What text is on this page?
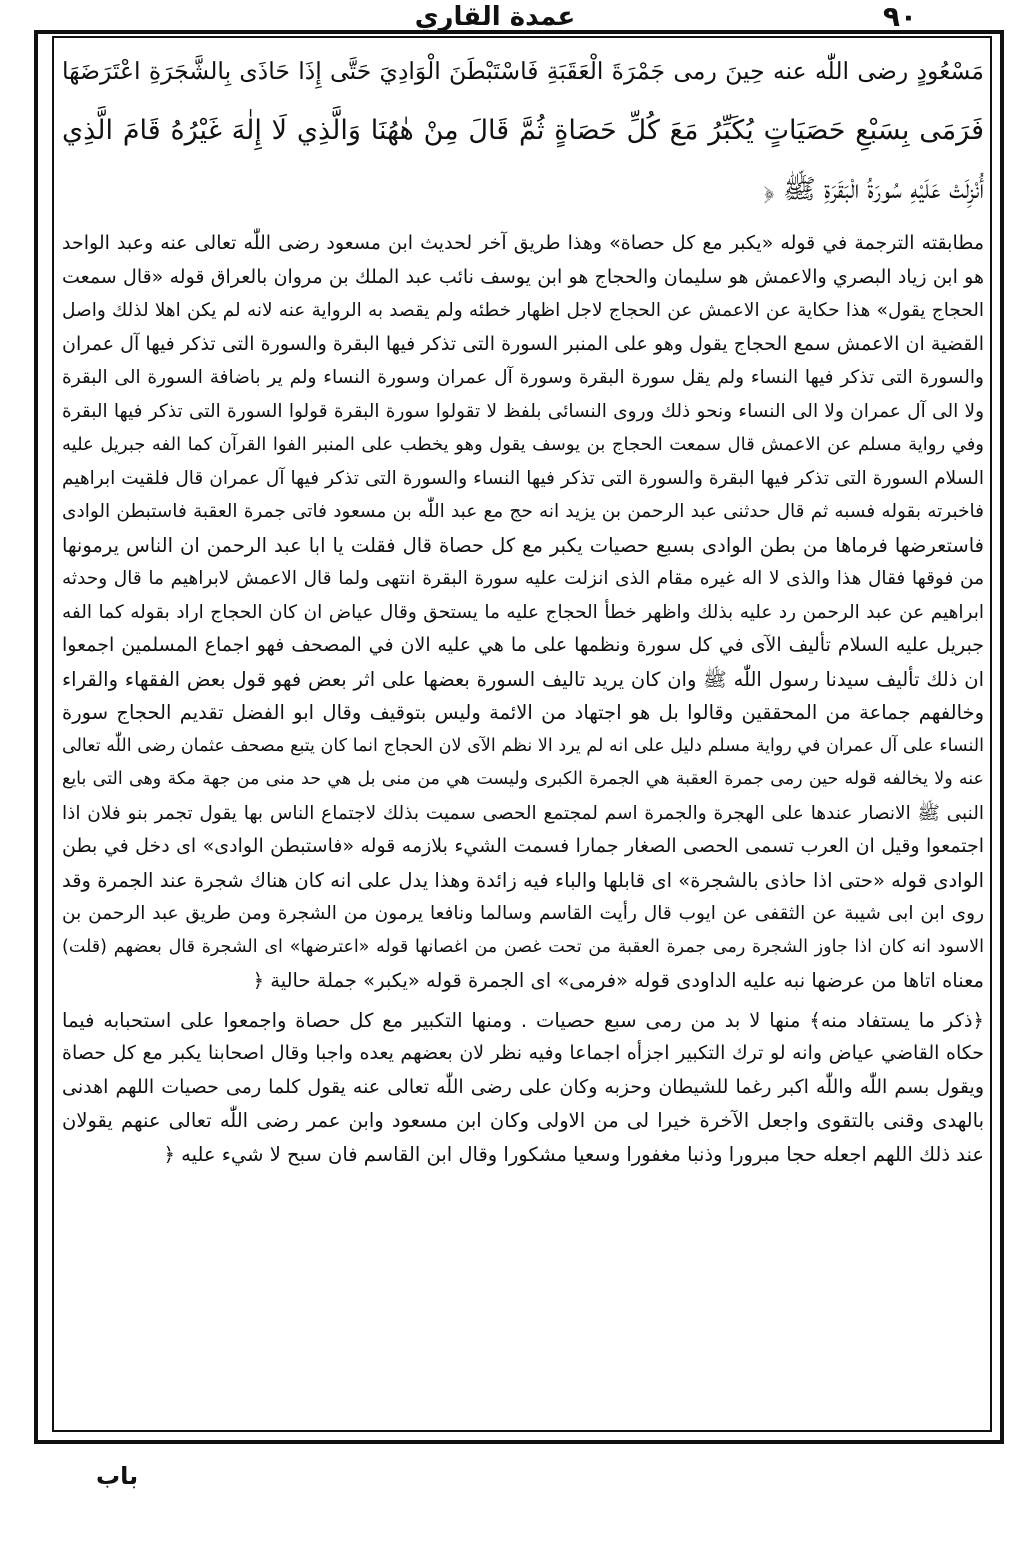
عمدة القاري	٩٠
مَسْعُودٍ رضى اللّٰه عنه حِينَ رمى جَمْرَةَ الْعَقَبَةِ فَاسْتَبْطَنَ الْوَادِيَ حَتَّى إِذَا حَاذَى بِالشَّجَرَةِ اعْتَرَضَهَا
فَرَمَى بِسَبْعِ حَصَيَاتٍ يُكَبِّرُ مَعَ كُلِّ حَصَاةٍ ثُمَّ قَالَ مِنْ هٰهُنَا وَالَّذِي لَا إِلٰهَ غَيْرُهُ قَامَ الَّذِي
أُنْزِلَتْ عَلَيْهِ سُورَةُ الْبَقَرَةِ ﷺ ﴿
مطابقته الترجمة في قوله «يكبر مع كل حصاة» وهذا طريق آخر لحديث ابن مسعود رضى اللّٰه تعالى عنه وعبد الواحد
هو ابن زياد البصري والاعمش هو سليمان والحجاج هو ابن يوسف نائب عبد الملك بن مروان بالعراق قوله «قال سمعت
الحجاج يقول» هذا حكاية عن الاعمش عن الحجاج لاجل اظهار خطئه ولم يقصد به الرواية عنه لانه لم يكن اهلا لذلك واصل
القضية ان الاعمش سمع الحجاج يقول وهو على المنبر السورة التى تذكر فيها البقرة والسورة التى تذكر فيها آل عمران
والسورة التى تذكر فيها النساء ولم يقل سورة البقرة وسورة آل عمران وسورة النساء ولم ير باضافة السورة الى البقرة
ولا الى آل عمران ولا الى النساء ونحو ذلك وروى النسائى بلفظ لا تقولوا سورة البقرة قولوا السورة التى تذكر فيها البقرة
وفي رواية مسلم عن الاعمش قال سمعت الحجاج بن يوسف يقول وهو يخطب على المنبر الفوا القرآن كما الفه جبريل عليه
السلام السورة التى تذكر فيها البقرة والسورة التى تذكر فيها النساء والسورة التى تذكر فيها آل عمران قال فلقيت ابراهيم
فاخبرته بقوله فسبه ثم قال حدثنى عبد الرحمن بن يزيد انه حج مع عبد اللّٰه بن مسعود فاتى جمرة العقبة فاستبطن الوادى
فاستعرضها فرماها من بطن الوادى بسبع حصيات يكبر مع كل حصاة قال فقلت يا ابا عبد الرحمن ان الناس يرمونها
من فوقها فقال هذا والذى لا اله غيره مقام الذى انزلت عليه سورة البقرة انتهى ولما قال الاعمش لابراهيم ما قال وحدثه
ابراهيم عن عبد الرحمن رد عليه بذلك واظهر خطأ الحجاج عليه ما يستحق وقال عياض ان كان الحجاج اراد بقوله كما الفه
جبريل عليه السلام تأليف الآى في كل سورة ونظمها على ما هي عليه الان في المصحف فهو اجماع المسلمين اجمعوا
ان ذلك تأليف سيدنا رسول اللّٰه ﷺ وان كان يريد تاليف السورة بعضها على اثر بعض فهو قول بعض الفقهاء والقراء
وخالفهم جماعة من المحققين وقالوا بل هو اجتهاد من الائمة وليس بتوقيف وقال ابو الفضل تقديم الحجاج سورة
النساء على آل عمران في رواية مسلم دليل على انه لم يرد الا نظم الآى لان الحجاج انما كان يتبع مصحف عثمان رضى اللّٰه تعالى
عنه ولا يخالفه قوله حين رمى جمرة العقبة هي الجمرة الكبرى وليست هي من منى بل هي حد منى من جهة مكة وهى التى بايع
النبى ﷺ الانصار عندها على الهجرة والجمرة اسم لمجتمع الحصى سميت بذلك لاجتماع الناس بها يقول تجمر بنو فلان اذا
اجتمعوا وقيل ان العرب تسمى الحصى الصغار جمارا فسمت الشيء بلازمه قوله «فاستبطن الوادى» اى دخل في بطن
الوادى قوله «حتى اذا حاذى بالشجرة» اى قابلها والباء فيه زائدة وهذا يدل على انه كان هناك شجرة عند الجمرة وقد
روى ابن ابى شيبة عن الثقفى عن ايوب قال رأيت القاسم وسالما ونافعا يرمون من الشجرة ومن طريق عبد الرحمن بن
الاسود انه كان اذا جاوز الشجرة رمى جمرة العقبة من تحت غصن من اغصانها قوله «اعترضها» اى الشجرة قال بعضهم (قلت)
معناه اتاها من عرضها نبه عليه الداودى قوله «فرمى» اى الجمرة قوله «يكبر» جملة حالية ﴿
﴿ذكر ما يستفاد منه﴾ منها لا بد من رمى سبع حصيات . ومنها التكبير مع كل حصاة واجمعوا على استحبابه فيما
حكاه القاضي عياض وانه لو ترك التكبير اجزأه اجماعا وفيه نظر لان بعضهم يعده واجبا وقال اصحابنا يكبر مع كل حصاة
ويقول بسم اللّٰه واللّٰه اكبر رغما للشيطان وحزبه وكان على رضى اللّٰه تعالى عنه يقول كلما رمى حصيات اللهم اهدنى
بالهدى وقنى بالتقوى واجعل الآخرة خيرا لى من الاولى وكان ابن مسعود وابن عمر رضى اللّٰه تعالى عنهم يقولان
عند ذلك اللهم اجعله حجا مبرورا وذنبا مغفورا وسعيا مشكورا وقال ابن القاسم فان سبح لا شيء عليه ﴿
باب
